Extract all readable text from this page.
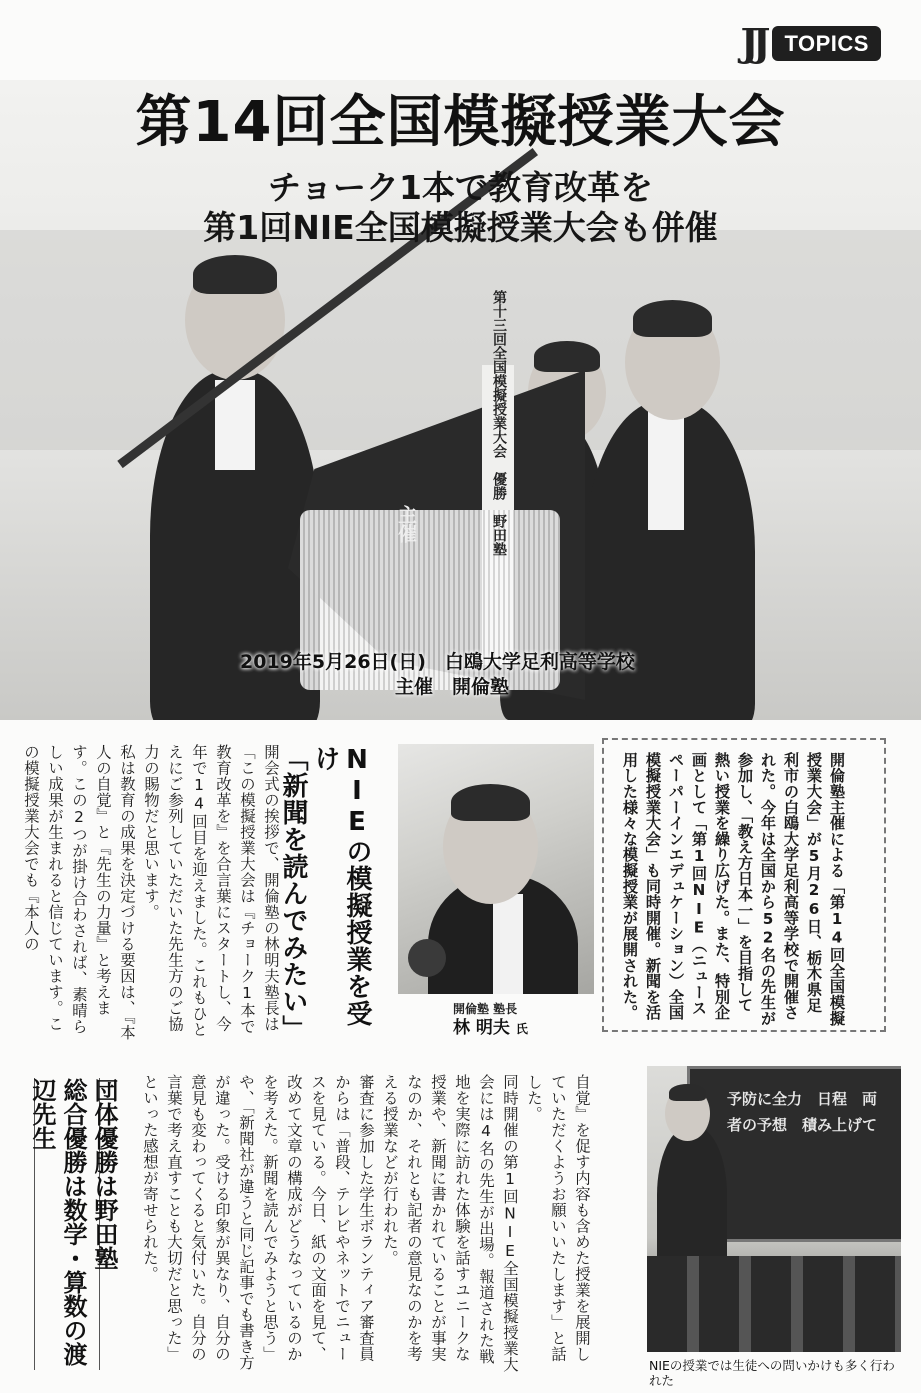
JJ TOPICS
第十三回全国模擬授業大会　優勝　野田塾
主催
第14回全国模擬授業大会
チョーク1本で教育改革を
第1回NIE全国模擬授業大会も併催
2019年5月26日(日)　白鴎大学足利高等学校
主催　開倫塾
開倫塾主催による「第14回全国模擬授業大会」が5月26日、栃木県足利市の白鴎大学足利高等学校で開催された。今年は全国から52名の先生が参加し、「教え方日本一」を目指して熱い授業を繰り広げた。また、特別企画として「第1回NIE（ニュースペーパーインエデュケーション）全国模擬授業大会」も同時開催。新聞を活用した様々な模擬授業が展開された。
NIEの模擬授業を受け
「新聞を読んでみたい」	開倫塾 塾長
林 明夫 氏

開会式の挨拶で、開倫塾の林明夫塾長は「この模擬授業大会は『チョーク1本で教育改革を』を合言葉にスタートし、今年で14回目を迎えました。これもひとえにご参列していただいた先生方のご協力の賜物だと思います。

私は教育の成果を決定づける要因は、『本人の自覚』と『先生の力量』と考えます。この2つが掛け合わされば、素晴らしい成果が生まれると信じています。この模擬授業大会でも『本人の

団体優勝は野田塾
総合優勝は数学・算数の渡辺先生	自覚』を促す内容も含めた授業を展開していただくようお願いいたします」と話した。

同時開催の第1回NIE全国模擬授業大会には4名の先生が出場。報道された戦地を実際に訪れた体験を話すユニークな授業や、新聞に書かれていることが事実なのか、それとも記者の意見なのかを考える授業などが行われた。

審査に参加した学生ボランティア審査員からは「普段、テレビやネットでニュースを見ている。今日、紙の文面を見て、改めて文章の構成がどうなっているのかを考えた。新聞を読んでみようと思う」や、「新聞社が違うと同じ記事でも書き方が違った。受ける印象が異なり、自分の意見も変わってくると気付いた。自分の言葉で考え直すことも大切だと思った」といった感想が寄せられた。	予防に全力　日程　両者の予想　積み上げて
NIEの授業では生徒への問いかけも多く行われた
